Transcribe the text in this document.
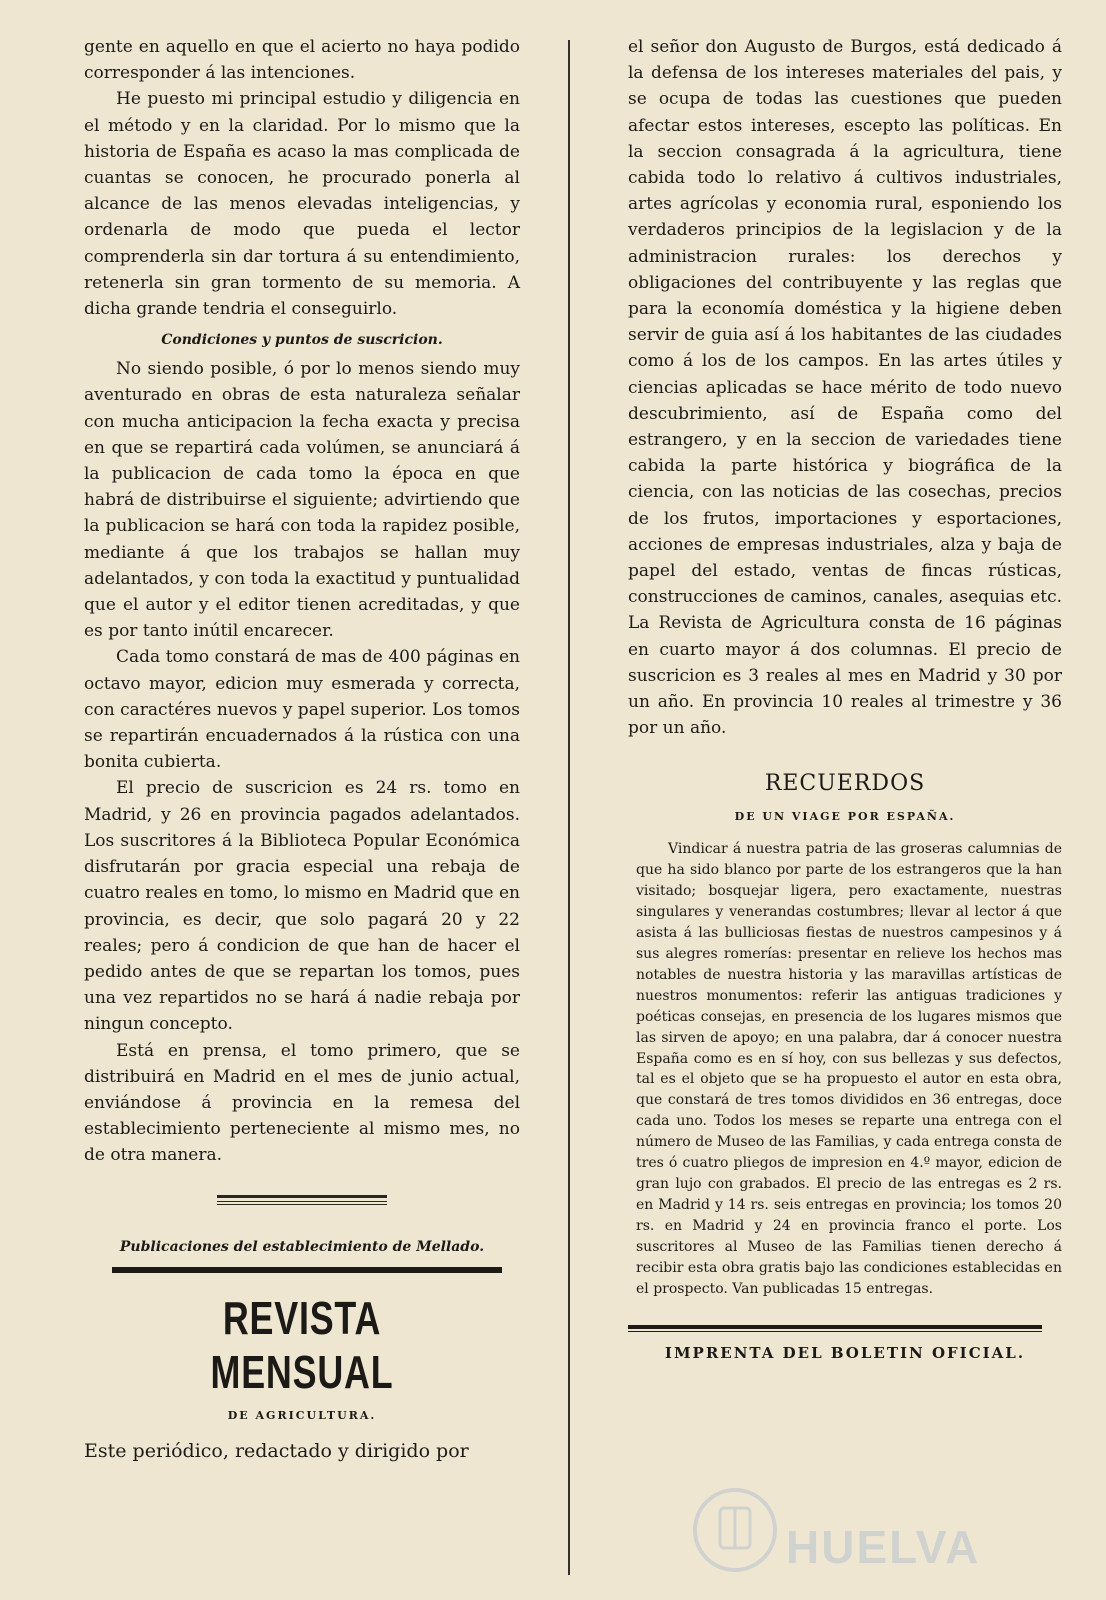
gente en aquello en que el acierto no haya podido corresponder á las intenciones.

He puesto mi principal estudio y diligencia en el método y en la claridad. Por lo mismo que la historia de España es acaso la mas complicada de cuantas se conocen, he procurado ponerla al alcance de las menos elevadas inteligencias, y ordenarla de modo que pueda el lector comprenderla sin dar tortura á su entendimiento, retenerla sin gran tormento de su memoria. A dicha grande tendria el conseguirlo.

Condiciones y puntos de suscricion.

No siendo posible, ó por lo menos siendo muy aventurado en obras de esta naturaleza señalar con mucha anticipacion la fecha exacta y precisa en que se repartirá cada volúmen, se anunciará á la publicacion de cada tomo la época en que habrá de distribuirse el siguiente; advirtiendo que la publicacion se hará con toda la rapidez posible, mediante á que los trabajos se hallan muy adelantados, y con toda la exactitud y puntualidad que el autor y el editor tienen acreditadas, y que es por tanto inútil encarecer.

Cada tomo constará de mas de 400 páginas en octavo mayor, edicion muy esmerada y correcta, con caractéres nuevos y papel superior. Los tomos se repartirán encuadernados á la rústica con una bonita cubierta.

El precio de suscricion es 24 rs. tomo en Madrid, y 26 en provincia pagados adelantados. Los suscritores á la Biblioteca Popular Económica disfrutarán por gracia especial una rebaja de cuatro reales en tomo, lo mismo en Madrid que en provincia, es decir, que solo pagará 20 y 22 reales; pero á condicion de que han de hacer el pedido antes de que se repartan los tomos, pues una vez repartidos no se hará á nadie rebaja por ningun concepto.

Está en prensa, el tomo primero, que se distribuirá en Madrid en el mes de junio actual, enviándose á provincia en la remesa del establecimiento perteneciente al mismo mes, no de otra manera.

Publicaciones del establecimiento de Mellado.
REVISTA MENSUAL
DE AGRICULTURA.

Este periódico, redactado y dirigido por

el señor don Augusto de Burgos, está dedicado á la defensa de los intereses materiales del pais, y se ocupa de todas las cuestiones que pueden afectar estos intereses, escepto las políticas. En la seccion consagrada á la agricultura, tiene cabida todo lo relativo á cultivos industriales, artes agrícolas y economia rural, esponiendo los verdaderos principios de la legislacion y de la administracion rurales: los derechos y obligaciones del contribuyente y las reglas que para la economía doméstica y la higiene deben servir de guia así á los habitantes de las ciudades como á los de los campos. En las artes útiles y ciencias aplicadas se hace mérito de todo nuevo descubrimiento, así de España como del estrangero, y en la seccion de variedades tiene cabida la parte histórica y biográfica de la ciencia, con las noticias de las cosechas, precios de los frutos, importaciones y esportaciones, acciones de empresas industriales, alza y baja de papel del estado, ventas de fincas rústicas, construcciones de caminos, canales, asequias etc. La Revista de Agricultura consta de 16 páginas en cuarto mayor á dos columnas. El precio de suscricion es 3 reales al mes en Madrid y 30 por un año. En provincia 10 reales al trimestre y 36 por un año.

RECUERDOS
DE UN VIAGE POR ESPAÑA.

Vindicar á nuestra patria de las groseras calumnias de que ha sido blanco por parte de los estrangeros que la han visitado; bosquejar ligera, pero exactamente, nuestras singulares y venerandas costumbres; llevar al lector á que asista á las bulliciosas fiestas de nuestros campesinos y á sus alegres romerías: presentar en relieve los hechos mas notables de nuestra historia y las maravillas artísticas de nuestros monumentos: referir las antiguas tradiciones y poéticas consejas, en presencia de los lugares mismos que las sirven de apoyo; en una palabra, dar á conocer nuestra España como es en sí hoy, con sus bellezas y sus defectos, tal es el objeto que se ha propuesto el autor en esta obra, que constará de tres tomos divididos en 36 entregas, doce cada uno. Todos los meses se reparte una entrega con el número de Museo de las Familias, y cada entrega consta de tres ó cuatro pliegos de impresion en 4.º mayor, edicion de gran lujo con grabados. El precio de las entregas es 2 rs. en Madrid y 14 rs. seis entregas en provincia; los tomos 20 rs. en Madrid y 24 en provincia franco el porte. Los suscritores al Museo de las Familias tienen derecho á recibir esta obra gratis bajo las condiciones establecidas en el prospecto. Van publicadas 15 entregas.

IMPRENTA DEL BOLETIN OFICIAL.
HUELVA
